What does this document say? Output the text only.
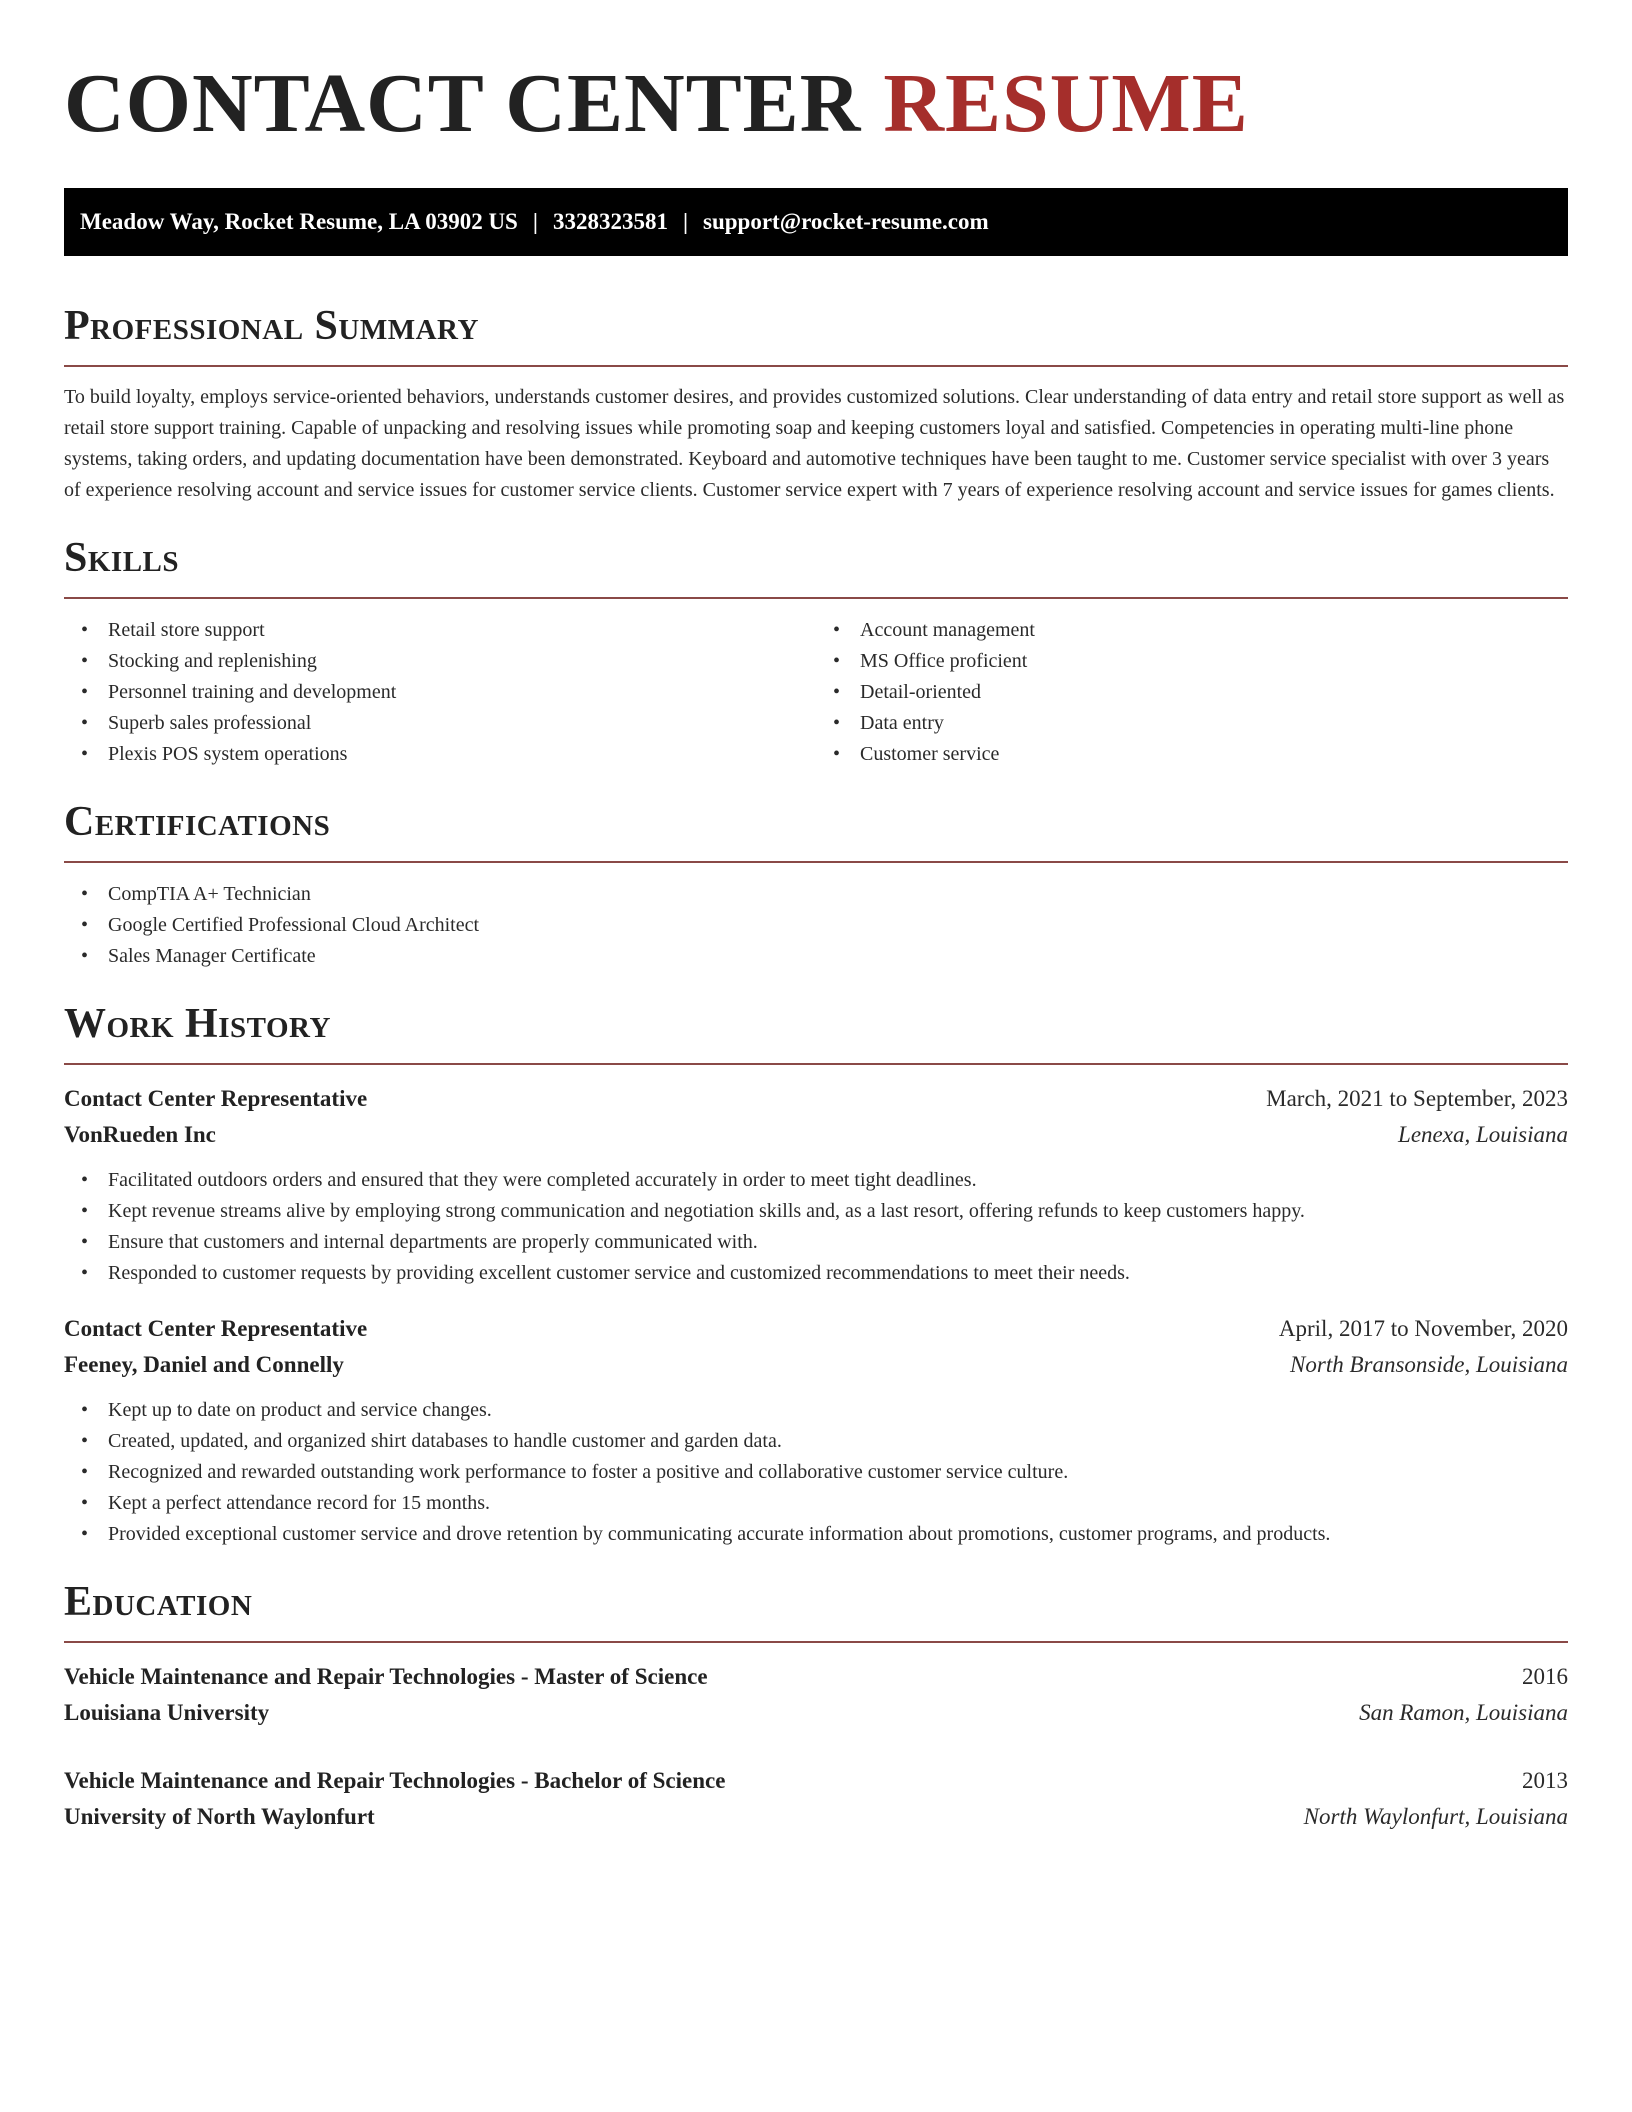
CONTACT CENTER RESUME
Meadow Way, Rocket Resume, LA 03902 US | 3328323581 | support@rocket-resume.com
Professional Summary

To build loyalty, employs service-oriented behaviors, understands customer desires, and provides customized solutions. Clear understanding of data entry and retail store support as well as retail store support training. Capable of unpacking and resolving issues while promoting soap and keeping customers loyal and satisfied. Competencies in operating multi-line phone systems, taking orders, and updating documentation have been demonstrated. Keyboard and automotive techniques have been taught to me. Customer service specialist with over 3 years of experience resolving account and service issues for customer service clients. Customer service expert with 7 years of experience resolving account and service issues for games clients.

Skills
• Retail store support
• Stocking and replenishing
• Personnel training and development
• Superb sales professional
• Plexis POS system operations
• Account management
• MS Office proficient
• Detail-oriented
• Data entry
• Customer service
Certifications
• CompTIA A+ Technician
• Google Certified Professional Cloud Architect
• Sales Manager Certificate
Work History
Contact Center Representative	March, 2021 to September, 2023
VonRueden Inc	Lenexa, Louisiana
• Facilitated outdoors orders and ensured that they were completed accurately in order to meet tight deadlines.
• Kept revenue streams alive by employing strong communication and negotiation skills and, as a last resort, offering refunds to keep customers happy.
• Ensure that customers and internal departments are properly communicated with.
• Responded to customer requests by providing excellent customer service and customized recommendations to meet their needs.
Contact Center Representative	April, 2017 to November, 2020
Feeney, Daniel and Connelly	North Bransonside, Louisiana
• Kept up to date on product and service changes.
• Created, updated, and organized shirt databases to handle customer and garden data.
• Recognized and rewarded outstanding work performance to foster a positive and collaborative customer service culture.
• Kept a perfect attendance record for 15 months.
• Provided exceptional customer service and drove retention by communicating accurate information about promotions, customer programs, and products.
Education
Vehicle Maintenance and Repair Technologies - Master of Science	2016
Louisiana University	San Ramon, Louisiana
Vehicle Maintenance and Repair Technologies - Bachelor of Science	2013
University of North Waylonfurt	North Waylonfurt, Louisiana
